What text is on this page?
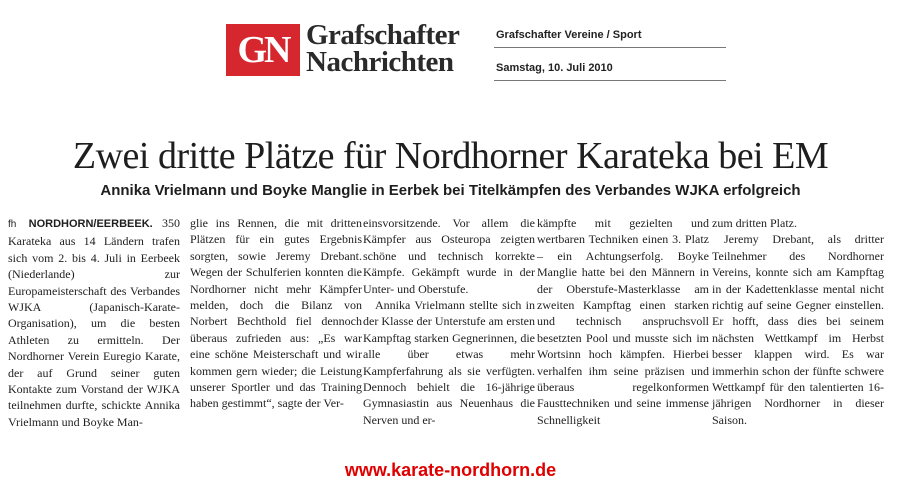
GN Grafschafter
Nachrichten
Grafschafter Vereine / Sport
Samstag, 10. Juli 2010
Zwei dritte Plätze für Nordhorner Karateka bei EM
Annika Vrielmann und Boyke Manglie in Eerbek bei Titelkämpfen des Verbandes WJKA erfolgreich

fh NORDHORN/EERBEEK. 350 Karateka aus 14 Ländern trafen sich vom 2. bis 4. Juli in Eerbeek (Niederlande) zur Europameisterschaft des Verbandes WJKA (Japanisch-Karate-Organisation), um die besten Athleten zu ermitteln. Der Nordhorner Verein Euregio Karate, der auf Grund seiner guten Kontakte zum Vorstand der WJKA teilnehmen durfte, schickte Annika Vrielmann und Boyke Man-

glie ins Rennen, die mit dritten Plätzen für ein gutes Ergebnis sorgten, sowie Jeremy Drebant. Wegen der Schulferien konnten die Nordhorner nicht mehr Kämpfer melden, doch die Bilanz von Norbert Bechthold fiel dennoch überaus zufrieden aus: „Es war eine schöne Meisterschaft und wir kommen gern wieder; die Leistung unserer Sportler und das Training haben gestimmt“, sagte der Ver-

einsvorsitzende. Vor allem die Kämpfer aus Osteuropa zeigten schöne und technisch korrekte Kämpfe. Gekämpft wurde in der Unter- und Oberstufe.

Annika Vrielmann stellte sich in der Klasse der Unterstufe am ersten Kampftag starken Gegnerinnen, die alle über etwas mehr Kampferfahrung als sie verfügten. Dennoch behielt die 16-jährige Gymnasiastin aus Neuenhaus die Nerven und er-

kämpfte mit gezielten und wertbaren Techniken einen 3. Platz – ein Achtungserfolg. Boyke Manglie hatte bei den Männern in der Oberstufe-Masterklasse am zweiten Kampftag einen starken und technisch anspruchsvoll besetzten Pool und musste sich im Wortsinn hoch kämpfen. Hierbei verhalfen ihm seine präzisen und überaus regelkonformen Fausttechniken und seine immense Schnelligkeit

zum dritten Platz.

Jeremy Drebant, als dritter Teilnehmer des Nordhorner Vereins, konnte sich am Kampftag in der Kadettenklasse mental nicht richtig auf seine Gegner einstellen. Er hofft, dass dies bei seinem nächsten Wettkampf im Herbst besser klappen wird. Es war immerhin schon der fünfte schwere Wettkampf für den talentierten 16-jährigen Nordhorner in dieser Saison.

www.karate-nordhorn.de
